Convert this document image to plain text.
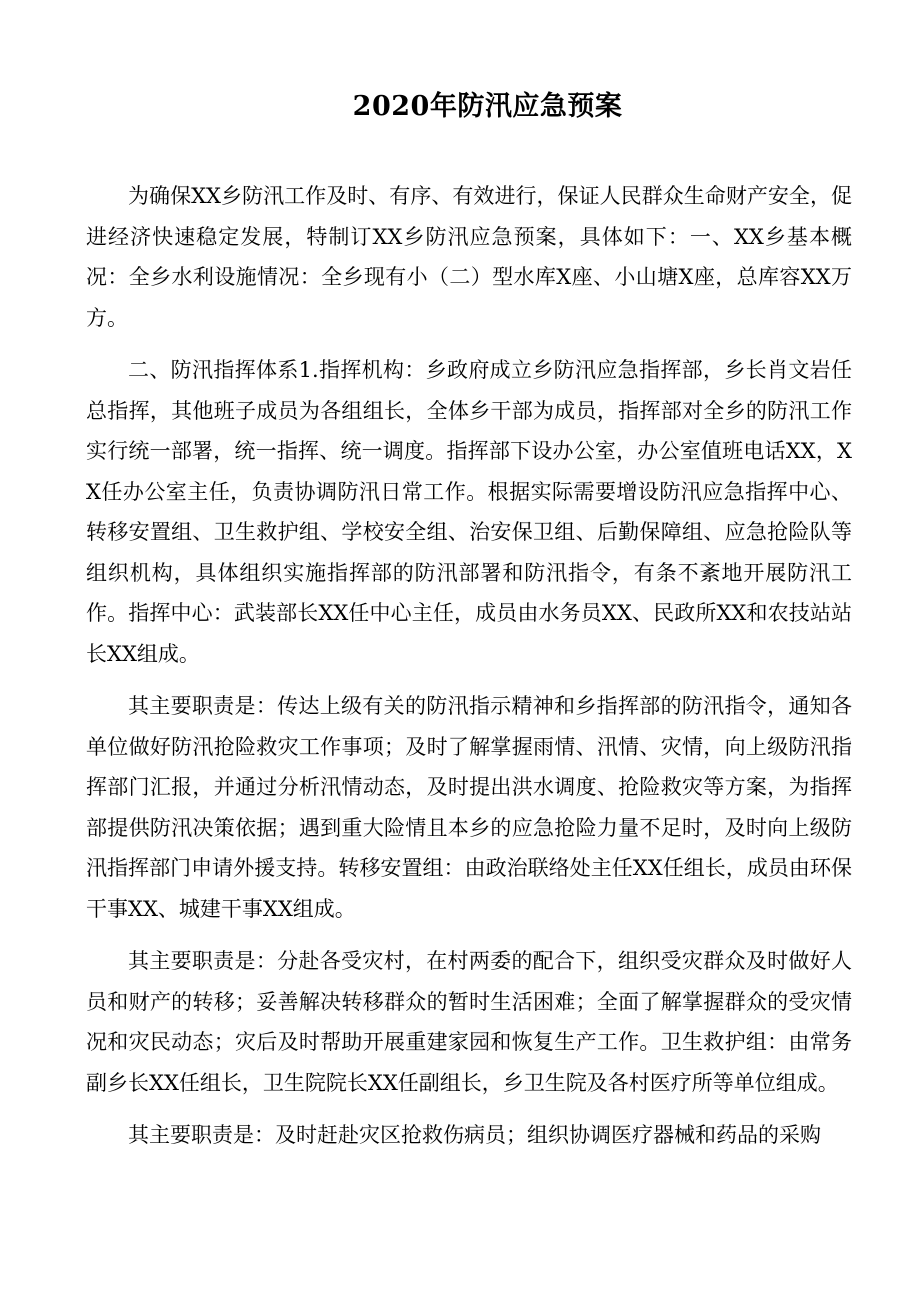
2020年防汛应急预案

为确保XX乡防汛工作及时、有序、有效进行，保证人民群众生命财产安全，促进经济快速稳定发展，特制订XX乡防汛应急预案，具体如下：一、XX乡基本概况：全乡水利设施情况：全乡现有小（二）型水库X座、小山塘X座，总库容XX万方。

二、防汛指挥体系1.指挥机构：乡政府成立乡防汛应急指挥部，乡长肖文岩任总指挥，其他班子成员为各组组长，全体乡干部为成员，指挥部对全乡的防汛工作实行统一部署，统一指挥、统一调度。指挥部下设办公室，办公室值班电话XX，XX任办公室主任，负责协调防汛日常工作。根据实际需要增设防汛应急指挥中心、转移安置组、卫生救护组、学校安全组、治安保卫组、后勤保障组、应急抢险队等组织机构，具体组织实施指挥部的防汛部署和防汛指令，有条不紊地开展防汛工作。指挥中心：武装部长XX任中心主任，成员由水务员XX、民政所XX和农技站站长XX组成。

其主要职责是：传达上级有关的防汛指示精神和乡指挥部的防汛指令，通知各单位做好防汛抢险救灾工作事项；及时了解掌握雨情、汛情、灾情，向上级防汛指挥部门汇报，并通过分析汛情动态，及时提出洪水调度、抢险救灾等方案，为指挥部提供防汛决策依据；遇到重大险情且本乡的应急抢险力量不足时，及时向上级防汛指挥部门申请外援支持。转移安置组：由政治联络处主任XX任组长，成员由环保干事XX、城建干事XX组成。

其主要职责是：分赴各受灾村，在村两委的配合下，组织受灾群众及时做好人员和财产的转移；妥善解决转移群众的暂时生活困难；全面了解掌握群众的受灾情况和灾民动态；灾后及时帮助开展重建家园和恢复生产工作。卫生救护组：由常务副乡长XX任组长，卫生院院长XX任副组长，乡卫生院及各村医疗所等单位组成。

其主要职责是：及时赶赴灾区抢救伤病员；组织协调医疗器械和药品的采购
